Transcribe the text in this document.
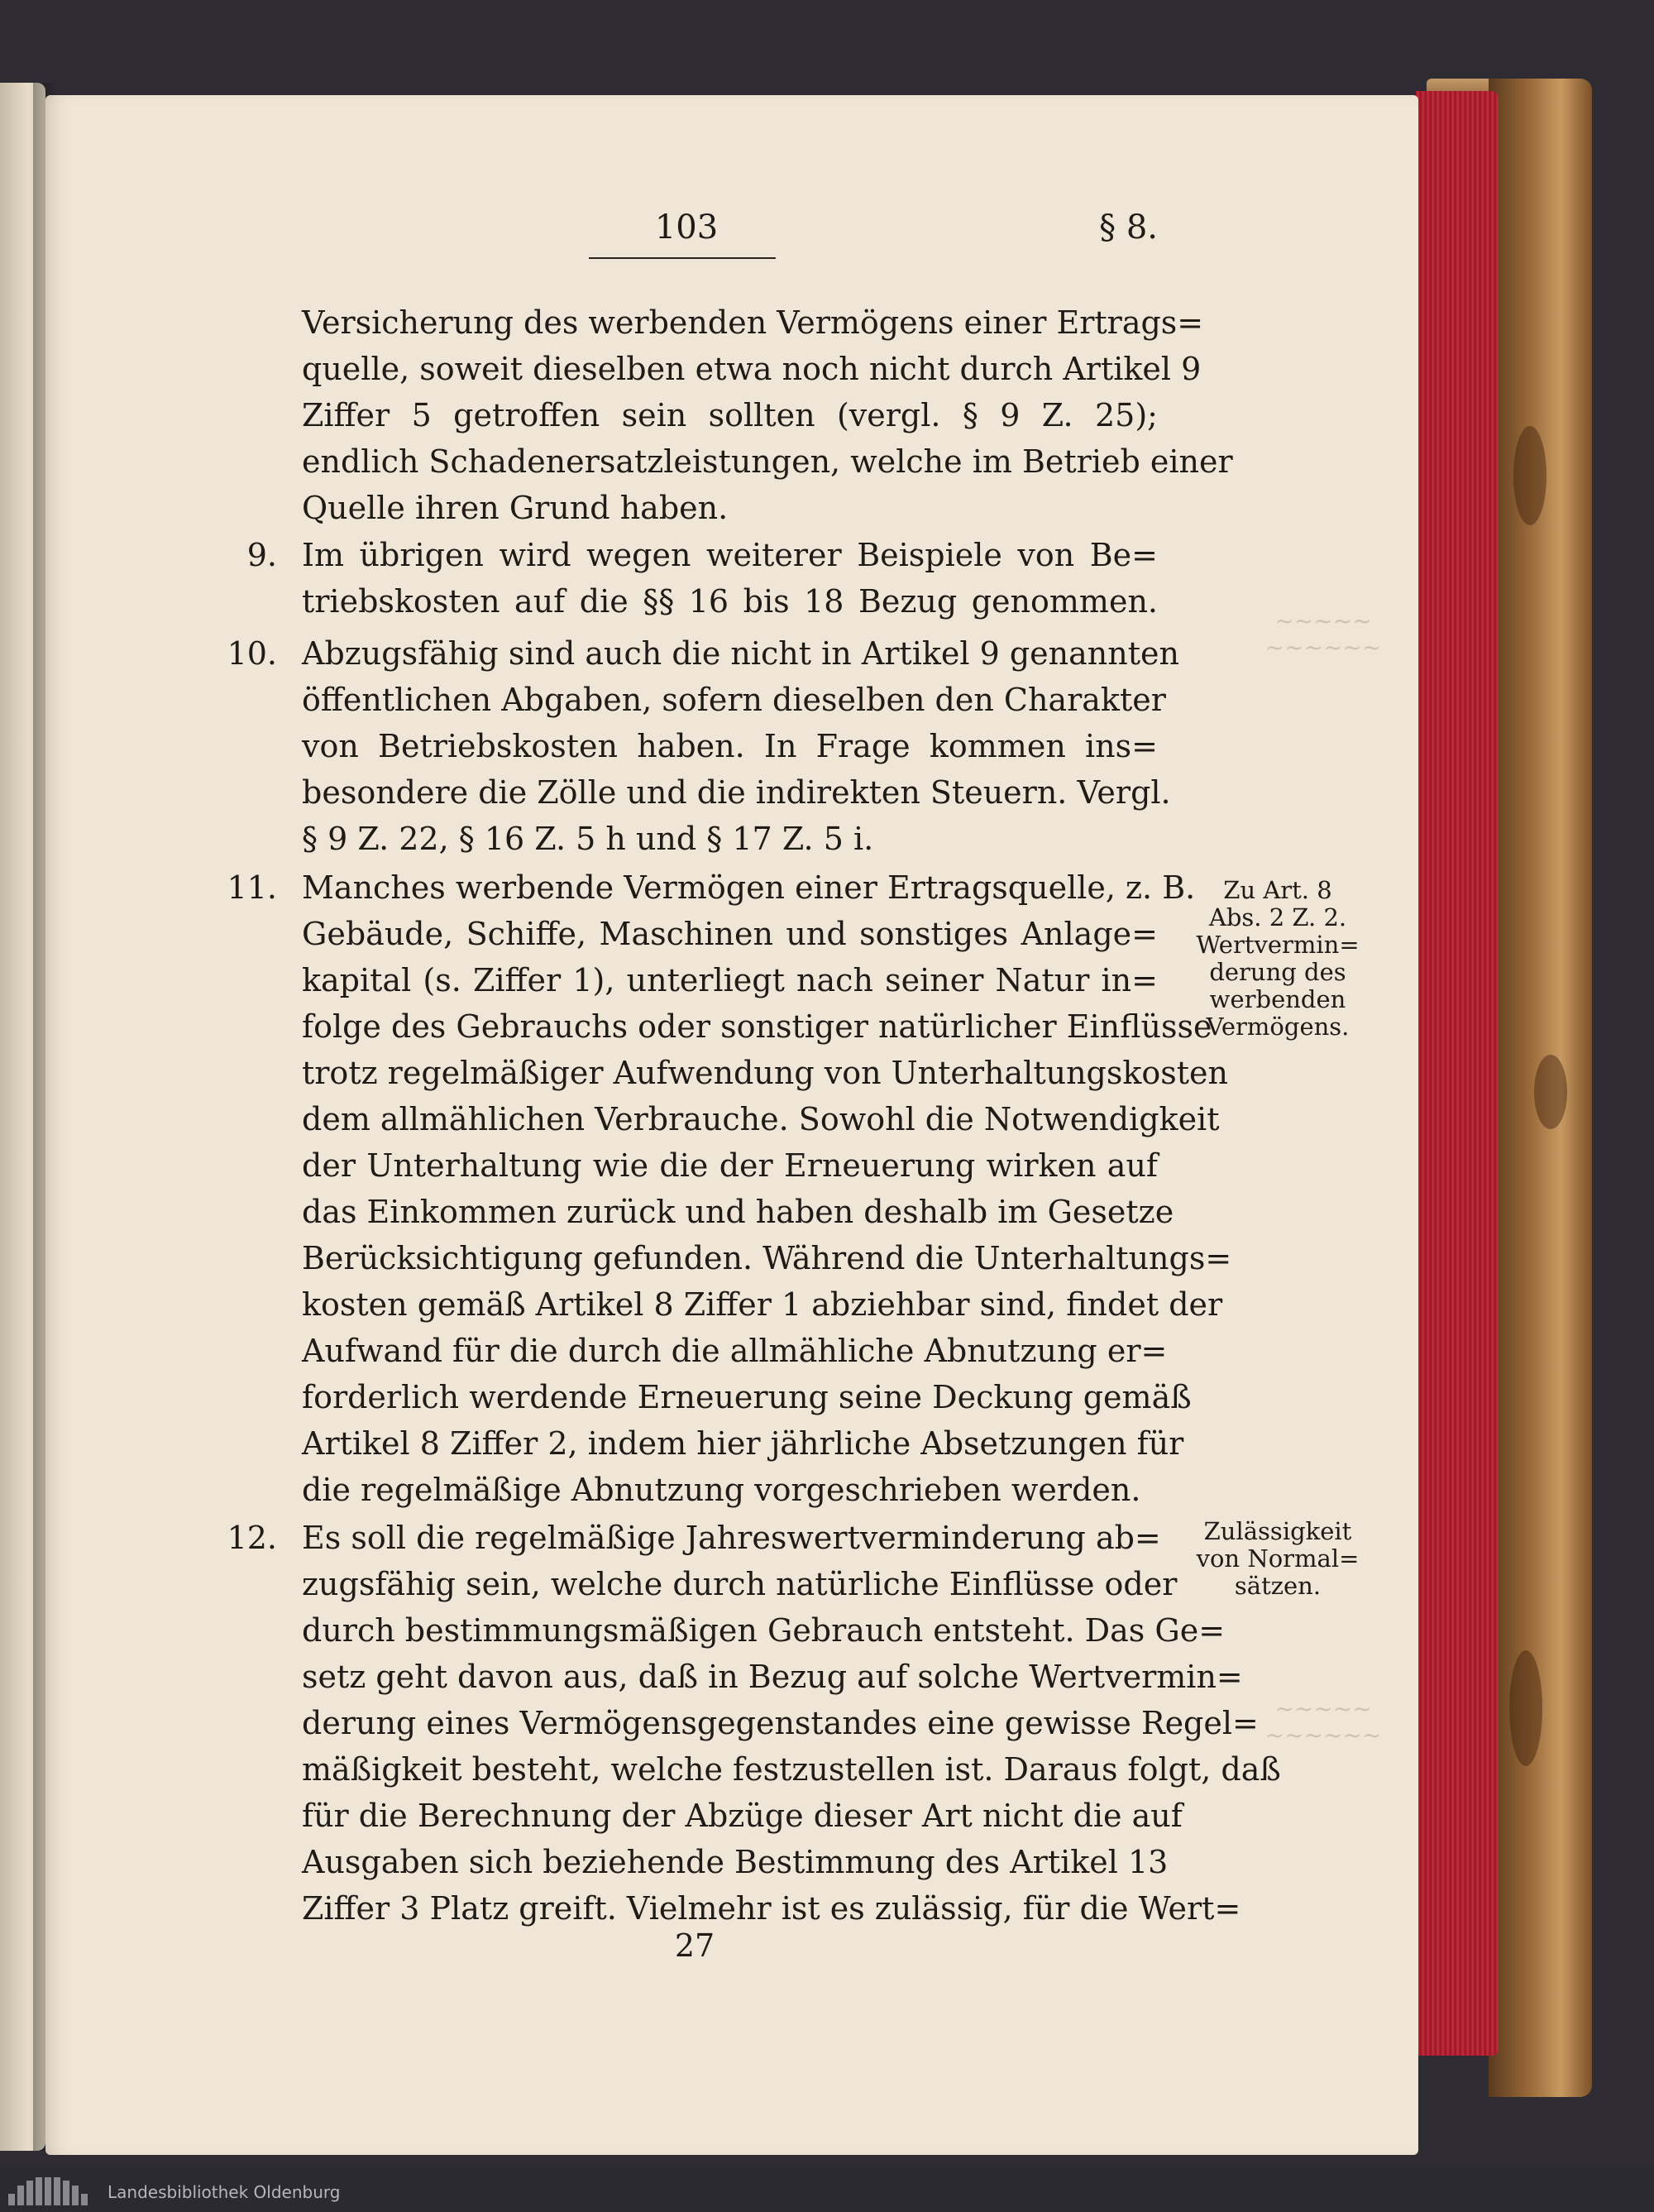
~~~~~
~~~~~~
~~~~~
~~~~~~
103	§ 8.
Versicherung des werbenden Vermögens einer Ertrags=
quelle, soweit dieselben etwa noch nicht durch Artikel 9
Ziffer 5 getroffen sein sollten (vergl. § 9 Z. 25);
endlich Schadenersatzleistungen, welche im Betrieb einer
Quelle ihren Grund haben.
9. Im übrigen wird wegen weiterer Beispiele von Be=
triebskosten auf die §§ 16 bis 18 Bezug genommen.
10. Abzugsfähig sind auch die nicht in Artikel 9 genannten
öffentlichen Abgaben, sofern dieselben den Charakter
von Betriebskosten haben. In Frage kommen ins=
besondere die Zölle und die indirekten Steuern. Vergl.
§ 9 Z. 22, § 16 Z. 5 h und § 17 Z. 5 i.
11. Manches werbende Vermögen einer Ertragsquelle, z. B.
Gebäude, Schiffe, Maschinen und sonstiges Anlage=
kapital (s. Ziffer 1), unterliegt nach seiner Natur in=
folge des Gebrauchs oder sonstiger natürlicher Einflüsse
trotz regelmäßiger Aufwendung von Unterhaltungskosten
dem allmählichen Verbrauche. Sowohl die Notwendigkeit
der Unterhaltung wie die der Erneuerung wirken auf
das Einkommen zurück und haben deshalb im Gesetze
Berücksichtigung gefunden. Während die Unterhaltungs=
kosten gemäß Artikel 8 Ziffer 1 abziehbar sind, findet der
Aufwand für die durch die allmähliche Abnutzung er=
forderlich werdende Erneuerung seine Deckung gemäß
Artikel 8 Ziffer 2, indem hier jährliche Absetzungen für
die regelmäßige Abnutzung vorgeschrieben werden.
12. Es soll die regelmäßige Jahreswertverminderung ab=
zugsfähig sein, welche durch natürliche Einflüsse oder
durch bestimmungsmäßigen Gebrauch entsteht. Das Ge=
setz geht davon aus, daß in Bezug auf solche Wertvermin=
derung eines Vermögensgegenstandes eine gewisse Regel=
mäßigkeit besteht, welche festzustellen ist. Daraus folgt, daß
für die Berechnung der Abzüge dieser Art nicht die auf
Ausgaben sich beziehende Bestimmung des Artikel 13
Ziffer 3 Platz greift. Vielmehr ist es zulässig, für die Wert=
27
Zu Art. 8
Abs. 2 Z. 2.
Wertvermin=
derung des
werbenden
Vermögens.
Zulässigkeit
von Normal=
sätzen.
Landesbibliothek Oldenburg
